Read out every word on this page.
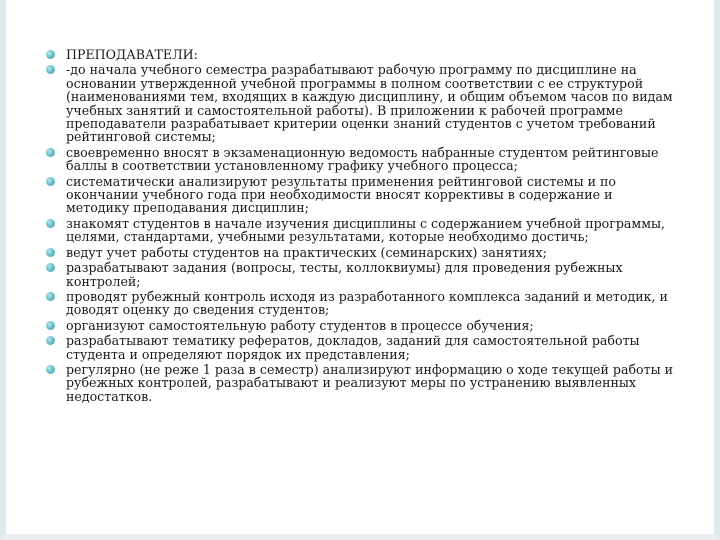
ПРЕПОДАВАТЕЛИ:
-до начала учебного семестра разрабатывают рабочую программу по дисциплине на основании утвержденной учебной программы в полном соответствии с ее структурой (наименованиями тем, входящих в каждую дисциплину, и общим объемом часов по видам учебных занятий и самостоятельной работы). В приложении к рабочей программе преподаватели разрабатывает критерии оценки знаний студентов с учетом требований рейтинговой системы;
своевременно вносят в экзаменационную ведомость набранные студентом рейтинговые баллы в соответствии установленному графику учебного процесса;
систематически анализируют результаты применения рейтинговой системы и по окончании учебного года при необходимости вносят коррективы в содержание и методику преподавания дисциплин;
знакомят студентов в начале изучения дисциплины с содержанием учебной программы, целями, стандартами, учебными результатами, которые необходимо достичь;
ведут учет работы студентов на практических (семинарских) занятиях;
разрабатывают задания (вопросы, тесты, коллоквиумы) для проведения рубежных контролей;
проводят рубежный контроль исходя из разработанного комплекса заданий и методик, и доводят оценку до сведения студентов;
организуют самостоятельную работу студентов в процессе обучения;
разрабатывают тематику рефератов, докладов, заданий для самостоятельной работы студента и определяют порядок их представления;
регулярно (не реже 1 раза в семестр) анализируют информацию о ходе текущей работы и рубежных контролей, разрабатывают и реализуют меры по устранению выявленных недостатков.
